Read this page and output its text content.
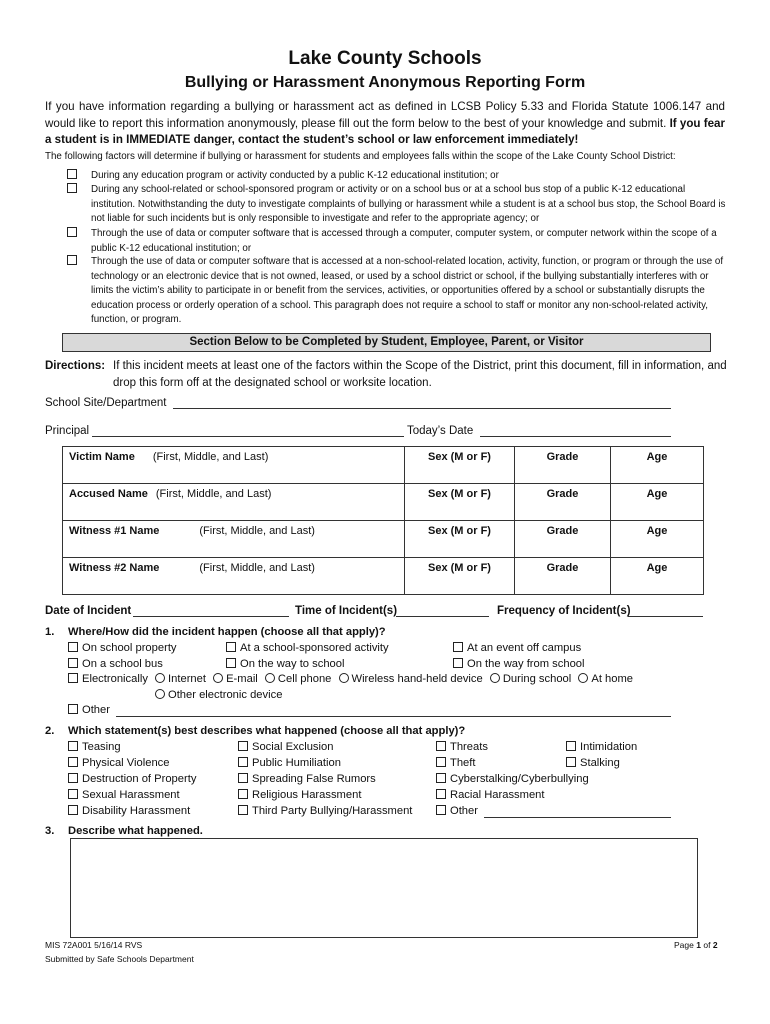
Lake County Schools
Bullying or Harassment Anonymous Reporting Form
If you have information regarding a bullying or harassment act as defined in LCSB Policy 5.33 and Florida Statute 1006.147 and would like to report this information anonymously, please fill out the form below to the best of your knowledge and submit. If you fear a student is in IMMEDIATE danger, contact the student’s school or law enforcement immediately!
The following factors will determine if bullying or harassment for students and employees falls within the scope of the Lake County School District:
During any education program or activity conducted by a public K-12 educational institution; or
During any school-related or school-sponsored program or activity or on a school bus or at a school bus stop of a public K-12 educational institution. Notwithstanding the duty to investigate complaints of bullying or harassment while a student is at a school bus stop, the School Board is not liable for such incidents but is only responsible to investigate and refer to the appropriate agency; or
Through the use of data or computer software that is accessed through a computer, computer system, or computer network within the scope of a public K-12 educational institution; or
Through the use of data or computer software that is accessed at a non-school-related location, activity, function, or program or through the use of technology or an electronic device that is not owned, leased, or used by a school district or school, if the bullying substantially interferes with or limits the victim’s ability to participate in or benefit from the services, activities, or opportunities offered by a school or substantially disrupts the education process or orderly operation of a school. This paragraph does not require a school to staff or monitor any non-school-related activity, function, or program.
Section Below to be Completed by Student, Employee, Parent, or Visitor
Directions: If this incident meets at least one of the factors within the Scope of the District, print this document, fill in information, and drop this form off at the designated school or worksite location.
School Site/Department
Principal	Today’s Date
Victim Name (First, Middle, and Last)	Sex (M or F)	Grade	Age
Accused Name (First, Middle, and Last)	Sex (M or F)	Grade	Age
Witness #1 Name (First, Middle, and Last)	Sex (M or F)	Grade	Age
Witness #2 Name (First, Middle, and Last)	Sex (M or F)	Grade	Age
Date of Incident	Time of Incident(s)	Frequency of Incident(s)
1. Where/How did the incident happen (choose all that apply)?
On school property	At a school-sponsored activity	At an event off campus
On a school bus	On the way to school	On the way from school
Electronically Internet E-mail Cell phone Wireless hand-held device During school At home
Other electronic device
Other
2. Which statement(s) best describes what happened (choose all that apply)?
Teasing	Social Exclusion	Threats	Intimidation
Physical Violence	Public Humiliation	Theft	Stalking
Destruction of Property	Spreading False Rumors	Cyberstalking/Cyberbullying
Sexual Harassment	Religious Harassment	Racial Harassment
Disability Harassment	Third Party Bullying/Harassment	Other
3. Describe what happened.
MIS 72A001 5/16/14 RVS
Submitted by Safe Schools Department
Page 1 of 2
